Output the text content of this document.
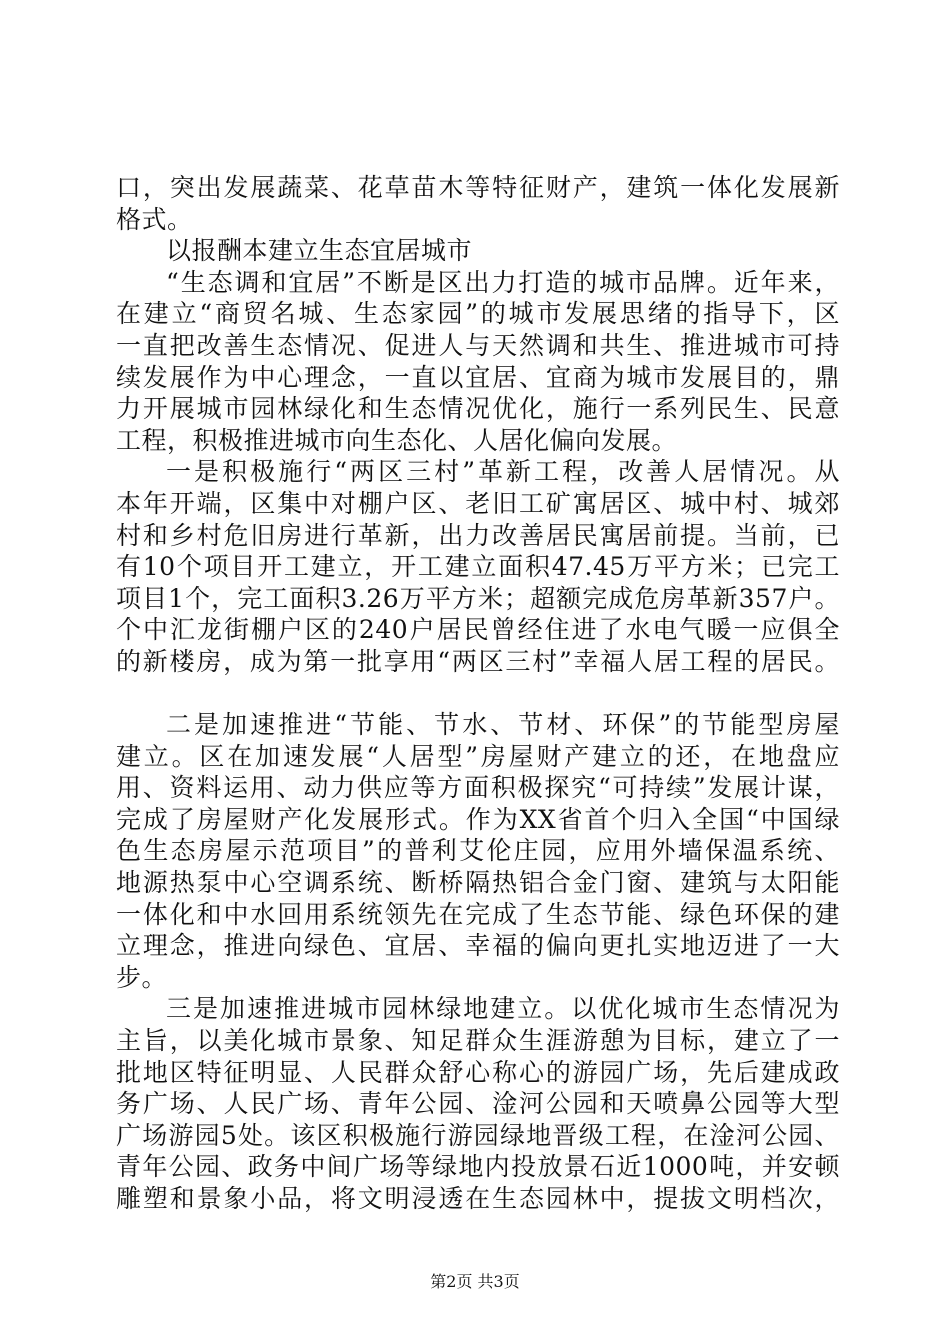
口，突出发展蔬菜、花草苗木等特征财产，建筑一体化发展新
格式。
以报酬本建立生态宜居城市
“生态调和宜居”不断是区出力打造的城市品牌。近年来，
在建立“商贸名城、生态家园”的城市发展思绪的指导下，区
一直把改善生态情况、促进人与天然调和共生、推进城市可持
续发展作为中心理念，一直以宜居、宜商为城市发展目的，鼎
力开展城市园林绿化和生态情况优化，施行一系列民生、民意
工程，积极推进城市向生态化、人居化偏向发展。
一是积极施行“两区三村”革新工程，改善人居情况。从
本年开端，区集中对棚户区、老旧工矿寓居区、城中村、城郊
村和乡村危旧房进行革新，出力改善居民寓居前提。当前，已
有10个项目开工建立，开工建立面积47.45万平方米；已完工
项目1个，完工面积3.26万平方米；超额完成危房革新357户。
个中汇龙街棚户区的240户居民曾经住进了水电气暖一应俱全
的新楼房，成为第一批享用“两区三村”幸福人居工程的居民。
二是加速推进“节能、节水、节材、环保”的节能型房屋
建立。区在加速发展“人居型”房屋财产建立的还，在地盘应
用、资料运用、动力供应等方面积极探究“可持续”发展计谋，
完成了房屋财产化发展形式。作为XX省首个归入全国“中国绿
色生态房屋示范项目”的普利艾伦庄园，应用外墙保温系统、
地源热泵中心空调系统、断桥隔热铝合金门窗、建筑与太阳能
一体化和中水回用系统领先在完成了生态节能、绿色环保的建
立理念，推进向绿色、宜居、幸福的偏向更扎实地迈进了一大
步。
三是加速推进城市园林绿地建立。以优化城市生态情况为
主旨，以美化城市景象、知足群众生涯游憩为目标，建立了一
批地区特征明显、人民群众舒心称心的游园广场，先后建成政
务广场、人民广场、青年公园、淦河公园和天喷鼻公园等大型
广场游园5处。该区积极施行游园绿地晋级工程，在淦河公园、
青年公园、政务中间广场等绿地内投放景石近1000吨，并安顿
雕塑和景象小品，将文明浸透在生态园林中，提拔文明档次，
第2页 共3页
